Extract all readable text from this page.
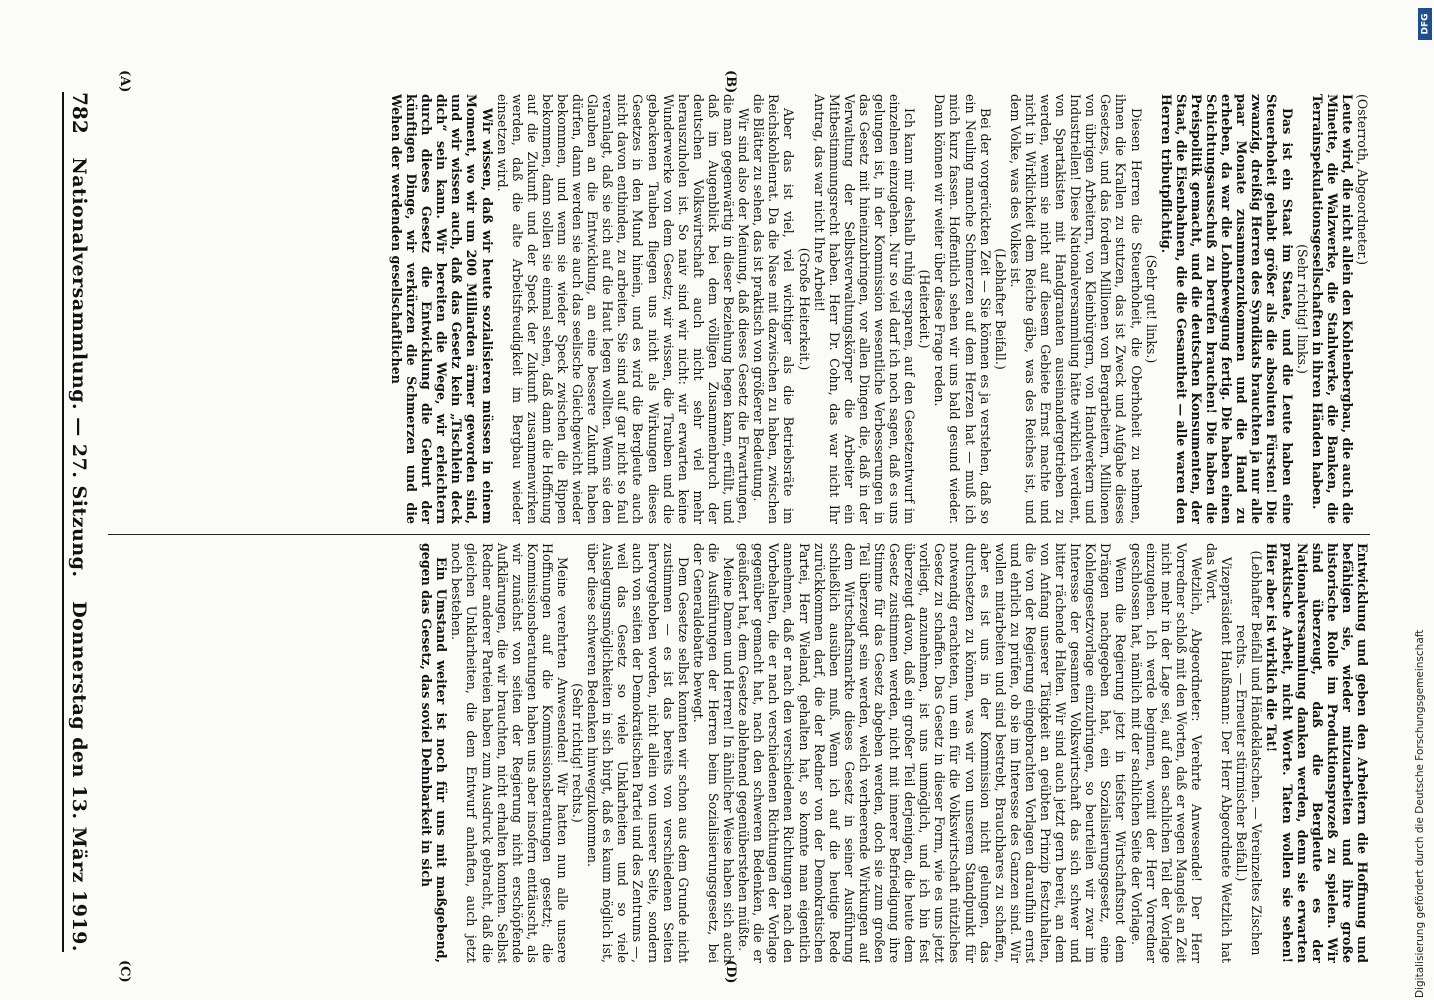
782
Nationalversammlung. — 27. Sitzung.
Donnerstag den 13. März 1919.
(A)	(B)
(C)	(D)

(Osterroth, Abgeordneter.)

Leute wird, die nicht allein den Kohlenbergbau, die auch die Minette, die Walzwerke, die Stahlwerke, die Banken, die Terrainspekulationsgesellschaften in ihren Händen haben.

(Sehr richtig! links.)

Das ist ein Staat im Staate, und die Leute haben eine Steuerhoheit gehabt größer als die absoluten Fürsten! Die zwanzig, dreißig Herren des Syndikats brauchten ja nur alle paar Monate zusammenzukommen und die Hand zu erheben, da war die Lohnbewegung fertig. Die haben einen Schichtungsausschuß zu berufen brauchen! Die haben die Preispolitik gemacht, und die deutschen Konsumenten, der Staat, die Eisenbahnen, die die Gesamtheit — alle waren den Herren tributpflichtig.

(Sehr gut! links.)

Diesen Herren die Steuerhoheit, die Oberhoheit zu nehmen, ihnen die Krallen zu stutzen, das ist Zweck und Aufgabe dieses Gesetzes, und das fordern Millionen von Bergarbeitern, Millionen von übrigen Arbeitern, von Kleinbürgern, von Handwerkern und Industriellen! Diese Nationalversammlung hätte wirklich verdient, von Spartakisten mit Handgranaten auseinandergetrieben zu werden, wenn sie nicht auf diesem Gebiete Ernst machte und nicht in Wirklichkeit dem Reiche gäbe, was des Reiches ist, und dem Volke, was des Volkes ist.

(Lebhafter Beifall.)

Bei der vorgerückten Zeit — Sie können es ja verstehen, daß so ein Neuling manche Schmerzen auf dem Herzen hat — muß ich mich kurz fassen. Hoffentlich sehen wir uns bald gesund wieder. Dann können wir weiter über diese Frage reden.

(Heiterkeit.)

Ich kann mir deshalb ruhig ersparen, auf den Gesetzentwurf im einzelnen einzugehen. Nur so viel darf ich noch sagen, daß es uns gelungen ist, in der Kommission wesentliche Verbesserungen in das Gesetz mit hineinzubringen, vor allen Dingen die, daß in der Verwaltung der Selbstverwaltungskörper die Arbeiter ein Mitbestimmungsrecht haben. Herr Dr. Cohn, das war nicht Ihr Antrag, das war nicht Ihre Arbeit!

(Große Heiterkeit.)

Aber das ist viel, viel wichtiger als die Betriebsräte im Reichskohlenrat. Da die Nase mit dazwischen zu haben, zwischen die Blätter zu sehen, das ist praktisch von größerer Bedeutung.

Wir sind also der Meinung, daß dieses Gesetz die Erwartungen, die man gegenwärtig in dieser Beziehung hegen kann, erfüllt, und daß im Augenblick bei dem völligen Zusammenbruch der deutschen Volkswirtschaft auch nicht sehr viel mehr herauszuholen ist. So naiv sind wir nicht: wir erwarten keine Wunderwerke von dem Gesetz; wir wissen, die Trauben und die gebackenen Tauben fliegen uns nicht als Wirkungen dieses Gesetzes in den Mund hinein, und es wird die Bergleute auch nicht davon entbinden, zu arbeiten. Sie sind auf gar nicht so faul veranlagt, daß sie sich auf die Haut legen wollten. Wenn sie den Glauben an die Entwicklung, an eine bessere Zukunft haben dürfen, dann werden sie auch das seelische Gleichgewicht wieder bekommen, und wenn sie wieder Speck zwischen die Rippen bekommen, dann sollen sie einmal sehen, daß dann die Hoffnung auf die Zukunft und der Speck der Zukunft zusammenwirken werden, daß die alte Arbeitsfreudigkeit im Bergbau wieder einsetzen wird.

Wir wissen, daß wir heute sozialisieren müssen in einem Moment, wo wir um 200 Milliarden ärmer geworden sind, und wir wissen auch, daß das Gesetz kein „Tischlein deck dich“ sein kann. Wir bereiten die Wege, wir erleichtern durch dieses Gesetz die Entwicklung die Geburt der künftigen Dinge, wir verkürzen die Schmerzen und die Wehen der werdenden gesellschaftlichen

Entwicklung und geben den Arbeitern die Hoffnung und befähigen sie, wieder mitzuarbeiten und ihre große historische Rolle im Produktionsprozeß zu spielen. Wir sind überzeugt, daß die Bergleute es der Nationalversammlung danken werden, denn sie erwarten praktische Arbeit, nicht Worte. Taten wollen sie sehen! Hier aber ist wirklich die Tat!

(Lebhafter Beifall und Händeklatschen. — Vereinzeltes Zischen rechts. — Erneuter stürmischer Beifall.)

Vizepräsident Haußmann: Der Herr Abgeordnete Wetzlich hat das Wort.

Wetzlich, Abgeordneter: Verehrte Anwesende! Der Herr Vorredner schloß mit den Worten, daß er wegen Mangels an Zeit nicht mehr in der Lage sei, auf den sachlichen Teil der Vorlage einzugehen. Ich werde beginnen, womit der Herr Vorredner geschlossen hat, nämlich mit der sachlichen Seite der Vorlage.

Wenn die Regierung jetzt in tiefster Wirtschaftsnot dem Drängen nachgegeben hat, ein Sozialisierungsgesetz, eine Kohlengesetzvorlage einzubringen, so beurteilen wir zwar im Interesse der gesamten Volkswirtschaft das sich schwer und bitter rächende Halten. Wir sind auch jetzt gern bereit, an dem von Anfang unserer Tätigkeit an geübten Prinzip festzuhalten, die von der Regierung eingebrachten Vorlagen daraufhin ernst und ehrlich zu prüfen, ob sie im Interesse des Ganzen sind. Wir wollen mitarbeiten und sind bestrebt, Brauchbares zu schaffen, aber es ist uns in der Kommission nicht gelungen, das durchsetzen zu können, was wir von unserem Standpunkt für notwendig erachteten, um ein für die Volkswirtschaft nützliches Gesetz zu schaffen. Das Gesetz in dieser Form, wie es uns jetzt vorliegt, anzunehmen, ist uns unmöglich, und ich bin fest überzeugt davon, daß ein großer Teil derjenigen, die heute dem Gesetz zustimmen werden, nicht mit innerer Befriedigung ihre Stimme für das Gesetz abgeben werden, doch sie zum großen Teil überzeugt sein werden, welch verheerende Wirkungen auf dem Wirtschaftsmarkte dieses Gesetz in seiner Ausführung schließlich ausüben muß. Wenn ich auf die heutige Rede zurückkommen darf, die der Redner von der Demokratischen Partei, Herr Wieland, gehalten hat, so konnte man eigentlich annehmen, daß er nach den verschiedenen Richtungen nach den Vorbehalten, die er nach verschiedenen Richtungen der Vorlage gegenüber gemacht hat, nach den schweren Bedenken, die er geäußert hat, dem Gesetze ablehnend gegenüberstehen müßte.

Meine Damen und Herren! In ähnlicher Weise haben sich auch die Ausführungen der Herren beim Sozialisierungsgesetz, bei der Generaldebatte bewegt.

Dem Gesetze selbst konnten wir schon aus dem Grunde nicht zustimmen — es ist das bereits von verschiedenen Seiten hervorgehoben worden, nicht allein von unserer Seite, sondern auch von seiten der Demokratischen Partei und des Zentrums —, weil das Gesetz so viele Unklarheiten und so viele Auslegungsmöglichkeiten in sich birgt, daß es kaum möglich ist, über diese schweren Bedenken hinwegzukommen.

(Sehr richtig! rechts.)

Meine verehrten Anwesenden! Wir hatten nun alle unsere Hoffnungen auf die Kommissionsberatungen gesetzt; die Kommissionsberatungen haben uns aber insofern enttäuscht, als wir zunächst von seiten der Regierung nicht erschöpfende Aufklärungen, die wir brauchten, nicht erhalten konnten. Selbst Redner anderer Parteien haben zum Ausdruck gebracht, daß die gleichen Unklarheiten, die dem Entwurf anhaften, auch jetzt noch bestehen.

Ein Umstand weiter ist noch für uns mit maßgebend, gegen das Gesetz, das soviel Dehnbarkeit in sich

DFG
Digitalisierung gefördert durch die Deutsche Forschungsgemeinschaft
